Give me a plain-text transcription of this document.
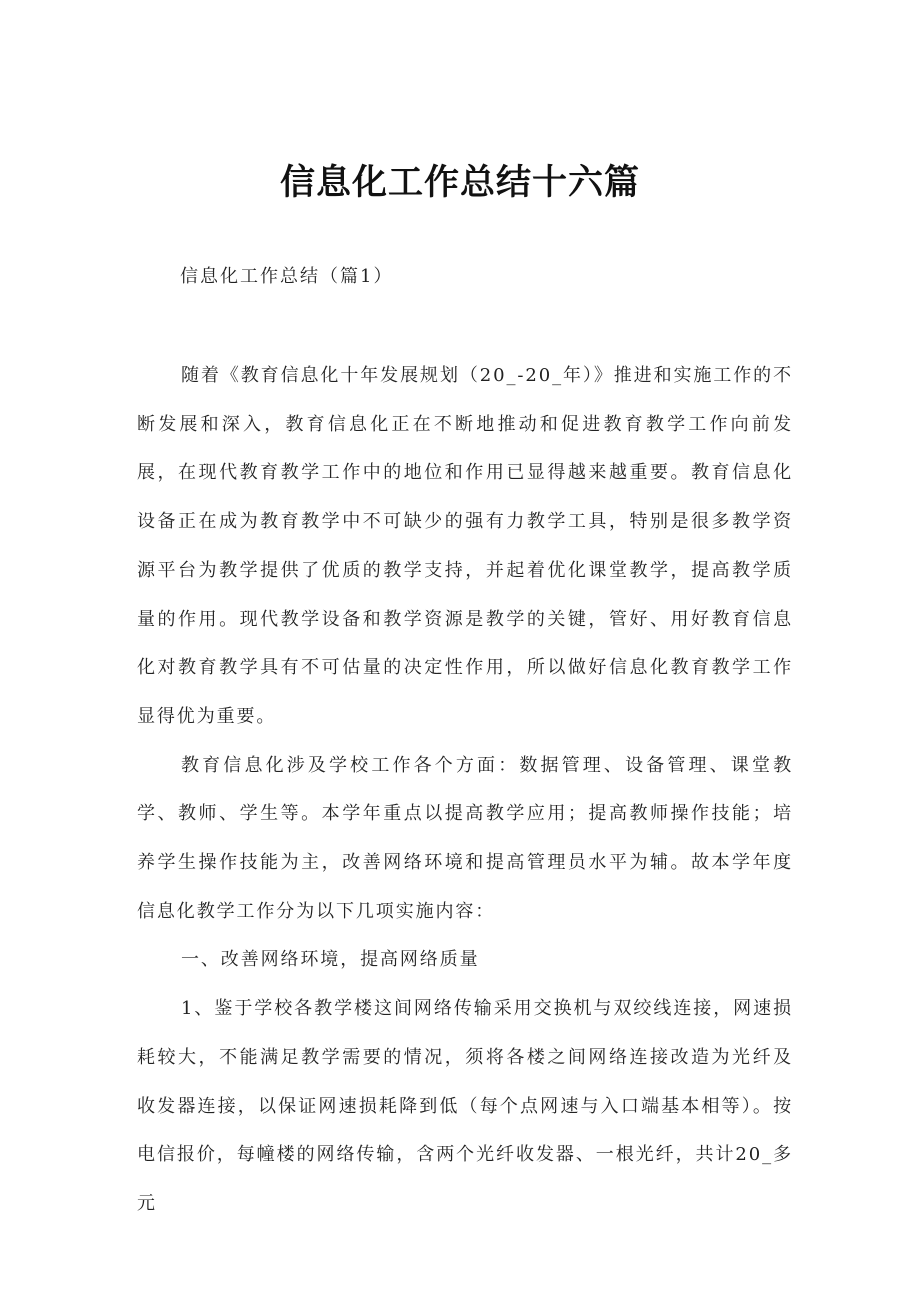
信息化工作总结十六篇
信息化工作总结（篇1）

随着《教育信息化十年发展规划（20_-20_年）》推进和实施工作的不断发展和深入，教育信息化正在不断地推动和促进教育教学工作向前发展，在现代教育教学工作中的地位和作用已显得越来越重要。教育信息化设备正在成为教育教学中不可缺少的强有力教学工具，特别是很多教学资源平台为教学提供了优质的教学支持，并起着优化课堂教学，提高教学质量的作用。现代教学设备和教学资源是教学的关键，管好、用好教育信息化对教育教学具有不可估量的决定性作用，所以做好信息化教育教学工作显得优为重要。

教育信息化涉及学校工作各个方面：数据管理、设备管理、课堂教学、教师、学生等。本学年重点以提高教学应用；提高教师操作技能；培养学生操作技能为主，改善网络环境和提高管理员水平为辅。故本学年度信息化教学工作分为以下几项实施内容：

一、改善网络环境，提高网络质量

1、鉴于学校各教学楼这间网络传输采用交换机与双绞线连接，网速损耗较大，不能满足教学需要的情况，须将各楼之间网络连接改造为光纤及收发器连接，以保证网速损耗降到低（每个点网速与入口端基本相等）。按电信报价，每幢楼的网络传输，含两个光纤收发器、一根光纤，共计20_多元
